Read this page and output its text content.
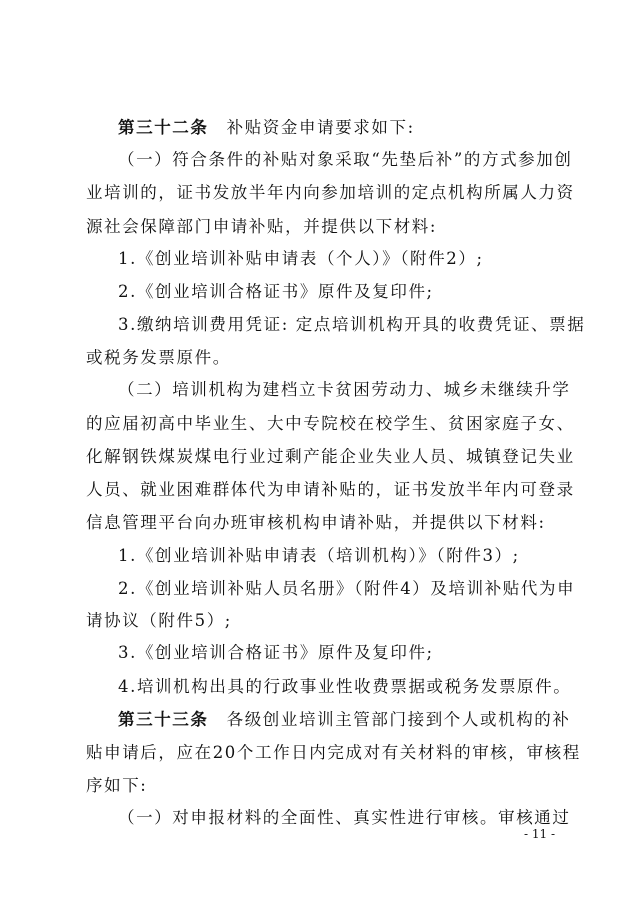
第三十二条　补贴资金申请要求如下:
（一）符合条件的补贴对象采取“先垫后补”的方式参加创
业培训的，证书发放半年内向参加培训的定点机构所属人力资
源社会保障部门申请补贴，并提供以下材料:
1.《创业培训补贴申请表（个人）》（附件2）;
2.《创业培训合格证书》原件及复印件;
3.缴纳培训费用凭证: 定点培训机构开具的收费凭证、票据
或税务发票原件。
（二）培训机构为建档立卡贫困劳动力、城乡未继续升学
的应届初高中毕业生、大中专院校在校学生、贫困家庭子女、
化解钢铁煤炭煤电行业过剩产能企业失业人员、城镇登记失业
人员、就业困难群体代为申请补贴的，证书发放半年内可登录
信息管理平台向办班审核机构申请补贴，并提供以下材料:
1.《创业培训补贴申请表（培训机构）》（附件3）;
2.《创业培训补贴人员名册》（附件4）及培训补贴代为申
请协议（附件5）;
3.《创业培训合格证书》原件及复印件;
4.培训机构出具的行政事业性收费票据或税务发票原件。
第三十三条　各级创业培训主管部门接到个人或机构的补
贴申请后，应在20个工作日内完成对有关材料的审核，审核程
序如下:
（一）对申报材料的全面性、真实性进行审核。审核通过
- 11 -
